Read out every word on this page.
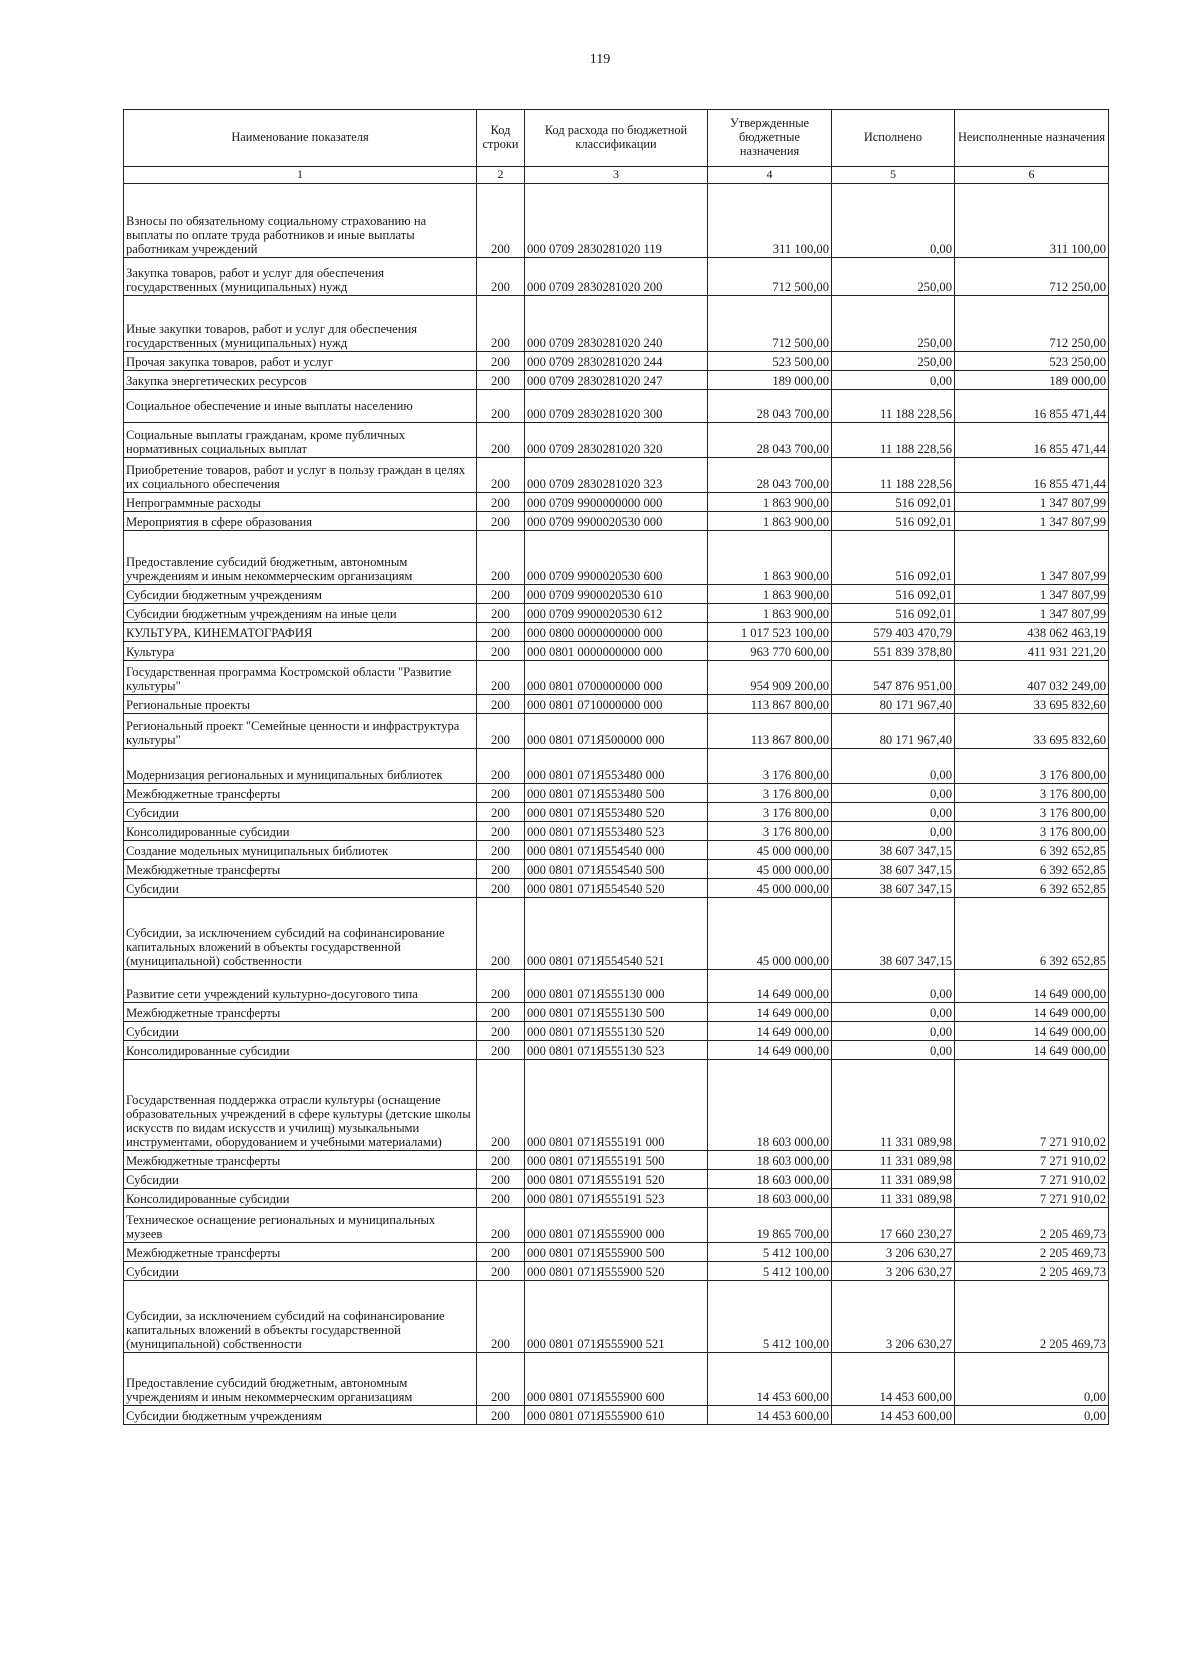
119
Наименование показателя	Код строки	Код расхода по бюджетной классификации	Утвержденные бюджетные назначения	Исполнено	Неисполненные назначения
1	2	3	4	5	6
Взносы по обязательному социальному страхованию на выплаты по оплате труда работников и иные выплаты работникам учреждений	200	000 0709 2830281020 119	311 100,00	0,00	311 100,00
Закупка товаров, работ и услуг для обеспечения государственных (муниципальных) нужд	200	000 0709 2830281020 200	712 500,00	250,00	712 250,00
Иные закупки товаров, работ и услуг для обеспечения государственных (муниципальных) нужд	200	000 0709 2830281020 240	712 500,00	250,00	712 250,00
Прочая закупка товаров, работ и услуг	200	000 0709 2830281020 244	523 500,00	250,00	523 250,00
Закупка энергетических ресурсов	200	000 0709 2830281020 247	189 000,00	0,00	189 000,00
Социальное обеспечение и иные выплаты населению	200	000 0709 2830281020 300	28 043 700,00	11 188 228,56	16 855 471,44
Социальные выплаты гражданам, кроме публичных нормативных социальных выплат	200	000 0709 2830281020 320	28 043 700,00	11 188 228,56	16 855 471,44
Приобретение товаров, работ и услуг в пользу граждан в целях их социального обеспечения	200	000 0709 2830281020 323	28 043 700,00	11 188 228,56	16 855 471,44
Непрограммные расходы	200	000 0709 9900000000 000	1 863 900,00	516 092,01	1 347 807,99
Мероприятия в сфере образования	200	000 0709 9900020530 000	1 863 900,00	516 092,01	1 347 807,99
Предоставление субсидий бюджетным, автономным учреждениям и иным некоммерческим организациям	200	000 0709 9900020530 600	1 863 900,00	516 092,01	1 347 807,99
Субсидии бюджетным учреждениям	200	000 0709 9900020530 610	1 863 900,00	516 092,01	1 347 807,99
Субсидии бюджетным учреждениям на иные цели	200	000 0709 9900020530 612	1 863 900,00	516 092,01	1 347 807,99
КУЛЬТУРА, КИНЕМАТОГРАФИЯ	200	000 0800 0000000000 000	1 017 523 100,00	579 403 470,79	438 062 463,19
Культура	200	000 0801 0000000000 000	963 770 600,00	551 839 378,80	411 931 221,20
Государственная программа Костромской области "Развитие культуры"	200	000 0801 0700000000 000	954 909 200,00	547 876 951,00	407 032 249,00
Региональные проекты	200	000 0801 0710000000 000	113 867 800,00	80 171 967,40	33 695 832,60
Региональный проект "Семейные ценности и инфраструктура культуры"	200	000 0801 071Я500000 000	113 867 800,00	80 171 967,40	33 695 832,60
Модернизация региональных и муниципальных библиотек	200	000 0801 071Я553480 000	3 176 800,00	0,00	3 176 800,00
Межбюджетные трансферты	200	000 0801 071Я553480 500	3 176 800,00	0,00	3 176 800,00
Субсидии	200	000 0801 071Я553480 520	3 176 800,00	0,00	3 176 800,00
Консолидированные субсидии	200	000 0801 071Я553480 523	3 176 800,00	0,00	3 176 800,00
Создание модельных муниципальных библиотек	200	000 0801 071Я554540 000	45 000 000,00	38 607 347,15	6 392 652,85
Межбюджетные трансферты	200	000 0801 071Я554540 500	45 000 000,00	38 607 347,15	6 392 652,85
Субсидии	200	000 0801 071Я554540 520	45 000 000,00	38 607 347,15	6 392 652,85
Субсидии, за исключением субсидий на софинансирование капитальных вложений в объекты государственной (муниципальной) собственности	200	000 0801 071Я554540 521	45 000 000,00	38 607 347,15	6 392 652,85
Развитие сети учреждений культурно-досугового типа	200	000 0801 071Я555130 000	14 649 000,00	0,00	14 649 000,00
Межбюджетные трансферты	200	000 0801 071Я555130 500	14 649 000,00	0,00	14 649 000,00
Субсидии	200	000 0801 071Я555130 520	14 649 000,00	0,00	14 649 000,00
Консолидированные субсидии	200	000 0801 071Я555130 523	14 649 000,00	0,00	14 649 000,00
Государственная поддержка отрасли культуры (оснащение образовательных учреждений в сфере культуры (детские школы искусств по видам искусств и училищ) музыкальными инструментами, оборудованием и учебными материалами)	200	000 0801 071Я555191 000	18 603 000,00	11 331 089,98	7 271 910,02
Межбюджетные трансферты	200	000 0801 071Я555191 500	18 603 000,00	11 331 089,98	7 271 910,02
Субсидии	200	000 0801 071Я555191 520	18 603 000,00	11 331 089,98	7 271 910,02
Консолидированные субсидии	200	000 0801 071Я555191 523	18 603 000,00	11 331 089,98	7 271 910,02
Техническое оснащение региональных и муниципальных музеев	200	000 0801 071Я555900 000	19 865 700,00	17 660 230,27	2 205 469,73
Межбюджетные трансферты	200	000 0801 071Я555900 500	5 412 100,00	3 206 630,27	2 205 469,73
Субсидии	200	000 0801 071Я555900 520	5 412 100,00	3 206 630,27	2 205 469,73
Субсидии, за исключением субсидий на софинансирование капитальных вложений в объекты государственной (муниципальной) собственности	200	000 0801 071Я555900 521	5 412 100,00	3 206 630,27	2 205 469,73
Предоставление субсидий бюджетным, автономным учреждениям и иным некоммерческим организациям	200	000 0801 071Я555900 600	14 453 600,00	14 453 600,00	0,00
Субсидии бюджетным учреждениям	200	000 0801 071Я555900 610	14 453 600,00	14 453 600,00	0,00
